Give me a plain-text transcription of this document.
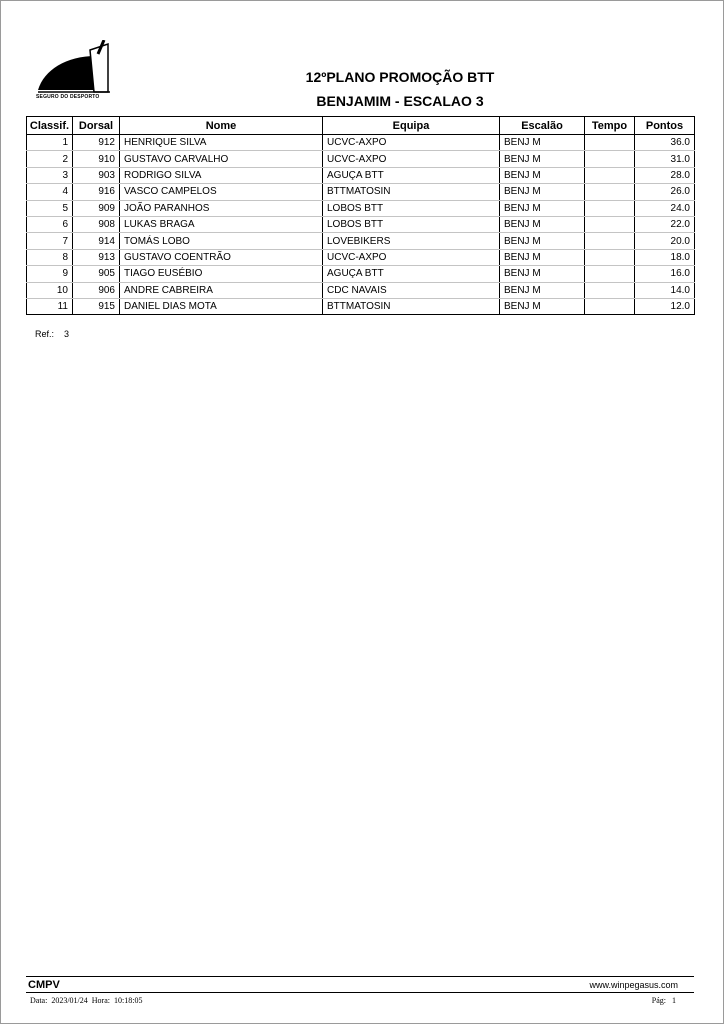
SEGURO DO DESPORTO
12ºPLANO PROMOÇÃO BTT
BENJAMIM - ESCALAO 3
Classif.	Dorsal	Nome	Equipa	Escalão	Tempo	Pontos
1	912	HENRIQUE SILVA	UCVC-AXPO	BENJ M		36.0
2	910	GUSTAVO CARVALHO	UCVC-AXPO	BENJ M		31.0
3	903	RODRIGO SILVA	AGUÇA BTT	BENJ M		28.0
4	916	VASCO CAMPELOS	BTTMATOSIN	BENJ M		26.0
5	909	JOÃO PARANHOS	LOBOS BTT	BENJ M		24.0
6	908	LUKAS BRAGA	LOBOS BTT	BENJ M		22.0
7	914	TOMÁS LOBO	LOVEBIKERS	BENJ M		20.0
8	913	GUSTAVO COENTRÃO	UCVC-AXPO	BENJ M		18.0
9	905	TIAGO EUSÉBIO	AGUÇA BTT	BENJ M		16.0
10	906	ANDRE CABREIRA	CDC NAVAIS	BENJ M		14.0
11	915	DANIEL DIAS MOTA	BTTMATOSIN	BENJ M		12.0
Ref.: 3
CMPV	www.winpegasus.com
Data: 2023/01/24 Hora: 10:18:05	Pág: 1
